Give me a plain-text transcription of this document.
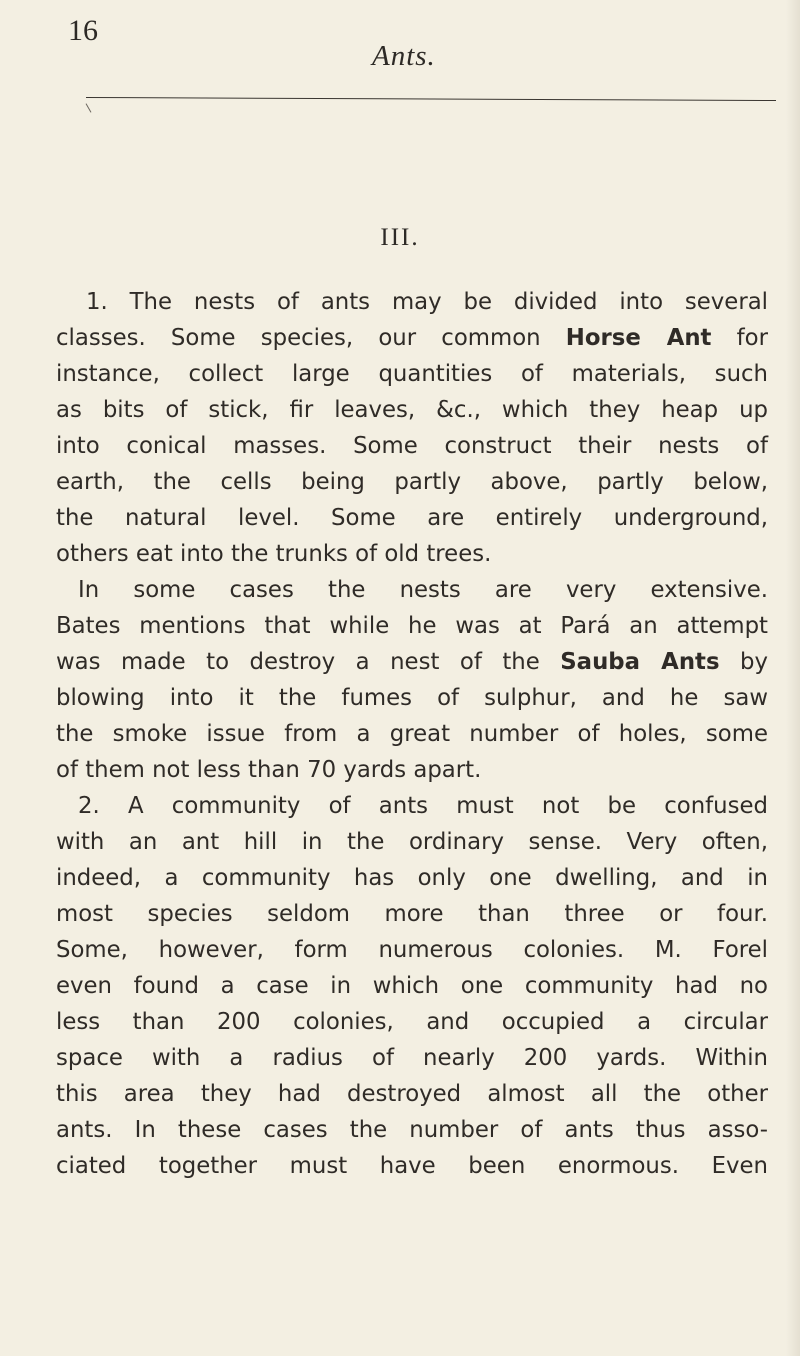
16
Ants.
III.
1. The nests of ants may be divided into several
classes. Some species, our common Horse Ant for
instance, collect large quantities of materials, such
as bits of stick, fir leaves, &c., which they heap up
into conical masses. Some construct their nests of
earth, the cells being partly above, partly below,
the natural level. Some are entirely underground,
others eat into the trunks of old trees.
In some cases the nests are very extensive.
Bates mentions that while he was at Pará an attempt
was made to destroy a nest of the Sauba Ants by
blowing into it the fumes of sulphur, and he saw
the smoke issue from a great number of holes, some
of them not less than 70 yards apart.
2. A community of ants must not be confused
with an ant hill in the ordinary sense. Very often,
indeed, a community has only one dwelling, and in
most species seldom more than three or four.
Some, however, form numerous colonies. M. Forel
even found a case in which one community had no
less than 200 colonies, and occupied a circular
space with a radius of nearly 200 yards. Within
this area they had destroyed almost all the other
ants. In these cases the number of ants thus asso-
ciated together must have been enormous. Even
